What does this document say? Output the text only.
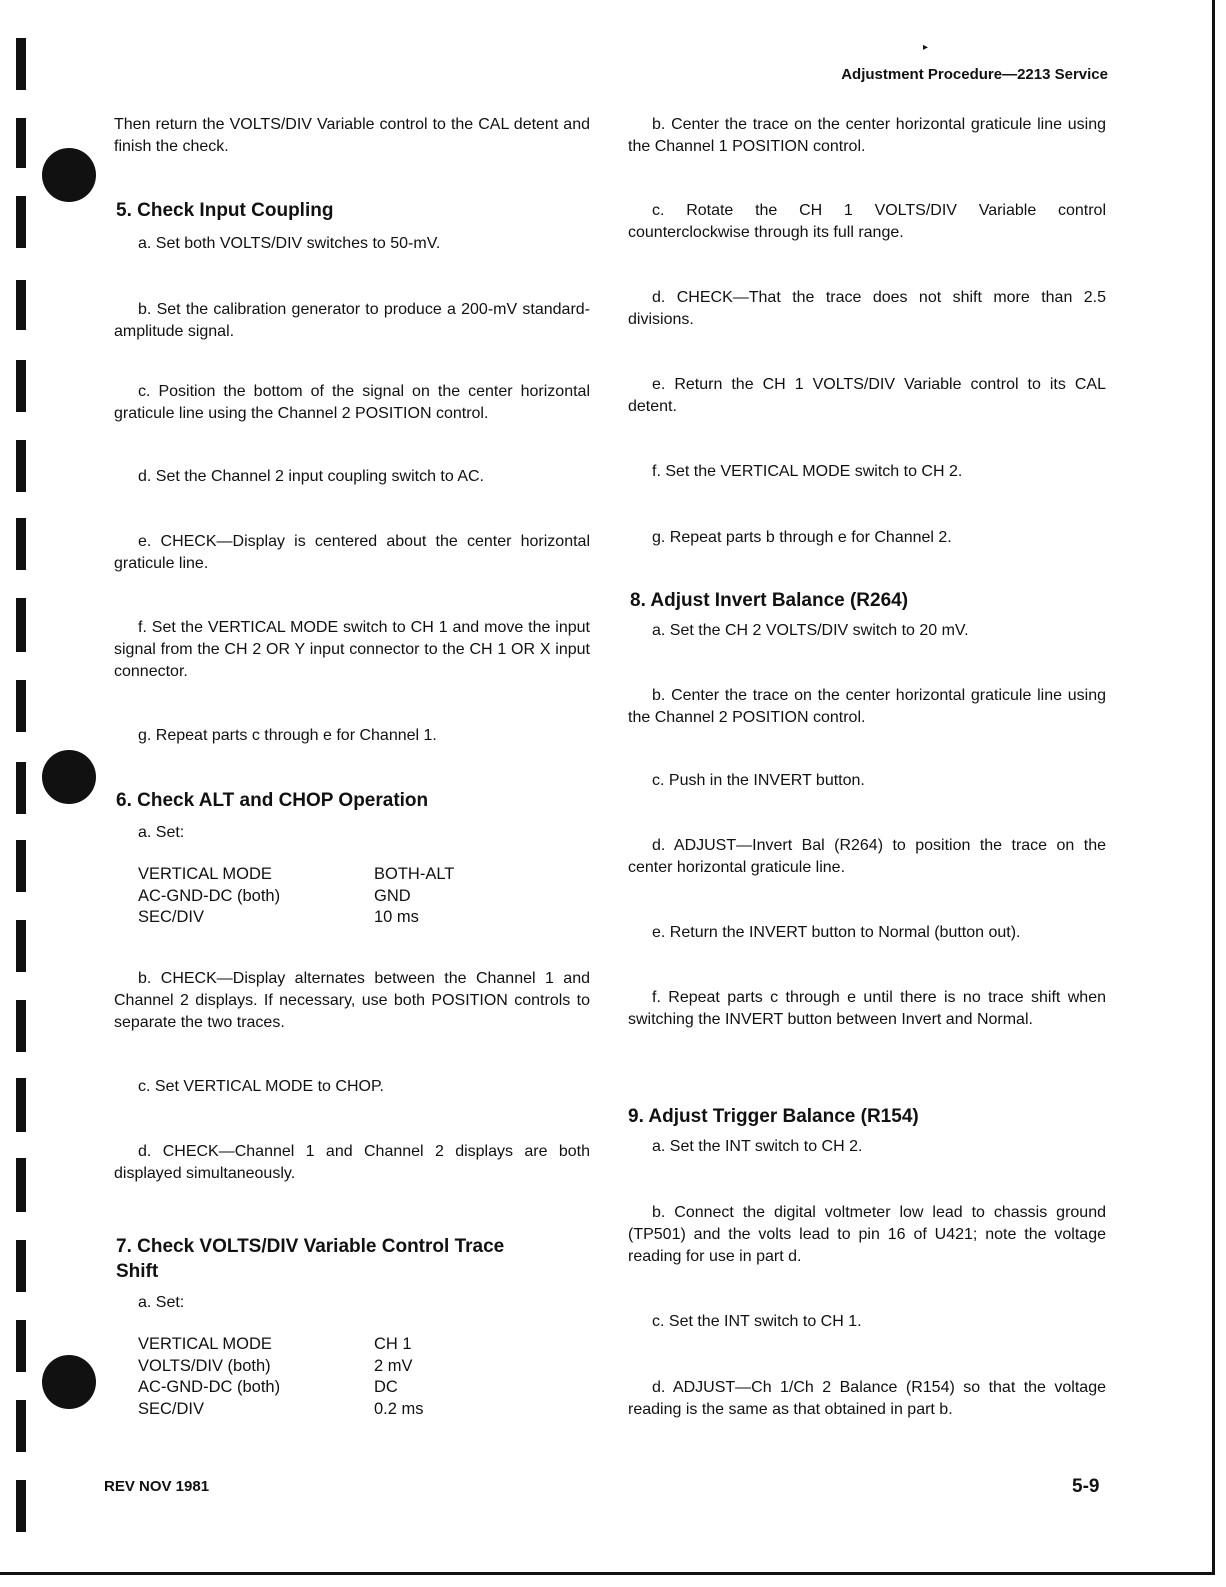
▸
Adjustment Procedure—2213 Service
Then return the VOLTS/DIV Variable control to the CAL detent and finish the check.
5. Check Input Coupling
a. Set both VOLTS/DIV switches to 50-mV.
b. Set the calibration generator to produce a 200-mV standard-amplitude signal.
c. Position the bottom of the signal on the center horizontal graticule line using the Channel 2 POSITION control.
d. Set the Channel 2 input coupling switch to AC.
e. CHECK—Display is centered about the center horizontal graticule line.
f. Set the VERTICAL MODE switch to CH 1 and move the input signal from the CH 2 OR Y input connector to the CH 1 OR X input connector.
g. Repeat parts c through e for Channel 1.
6. Check ALT and CHOP Operation
a. Set:
VERTICAL MODE	BOTH-ALT
AC-GND-DC (both)	GND
SEC/DIV	10 ms
b. CHECK—Display alternates between the Channel 1 and Channel 2 displays. If necessary, use both POSITION controls to separate the two traces.
c. Set VERTICAL MODE to CHOP.
d. CHECK—Channel 1 and Channel 2 displays are both displayed simultaneously.
7. Check VOLTS/DIV Variable Control Trace
Shift
a. Set:
VERTICAL MODE	CH 1
VOLTS/DIV (both)	2 mV
AC-GND-DC (both)	DC
SEC/DIV	0.2 ms
b. Center the trace on the center horizontal graticule line using the Channel 1 POSITION control.
c. Rotate the CH 1 VOLTS/DIV Variable control counterclockwise through its full range.
d. CHECK—That the trace does not shift more than 2.5 divisions.
e. Return the CH 1 VOLTS/DIV Variable control to its CAL detent.
f. Set the VERTICAL MODE switch to CH 2.
g. Repeat parts b through e for Channel 2.
8. Adjust Invert Balance (R264)
a. Set the CH 2 VOLTS/DIV switch to 20 mV.
b. Center the trace on the center horizontal graticule line using the Channel 2 POSITION control.
c. Push in the INVERT button.
d. ADJUST—Invert Bal (R264) to position the trace on the center horizontal graticule line.
e. Return the INVERT button to Normal (button out).
f. Repeat parts c through e until there is no trace shift when switching the INVERT button between Invert and Normal.
9. Adjust Trigger Balance (R154)
a. Set the INT switch to CH 2.
b. Connect the digital voltmeter low lead to chassis ground (TP501) and the volts lead to pin 16 of U421; note the voltage reading for use in part d.
c. Set the INT switch to CH 1.
d. ADJUST—Ch 1/Ch 2 Balance (R154) so that the voltage reading is the same as that obtained in part b.
REV NOV 1981	5-9
